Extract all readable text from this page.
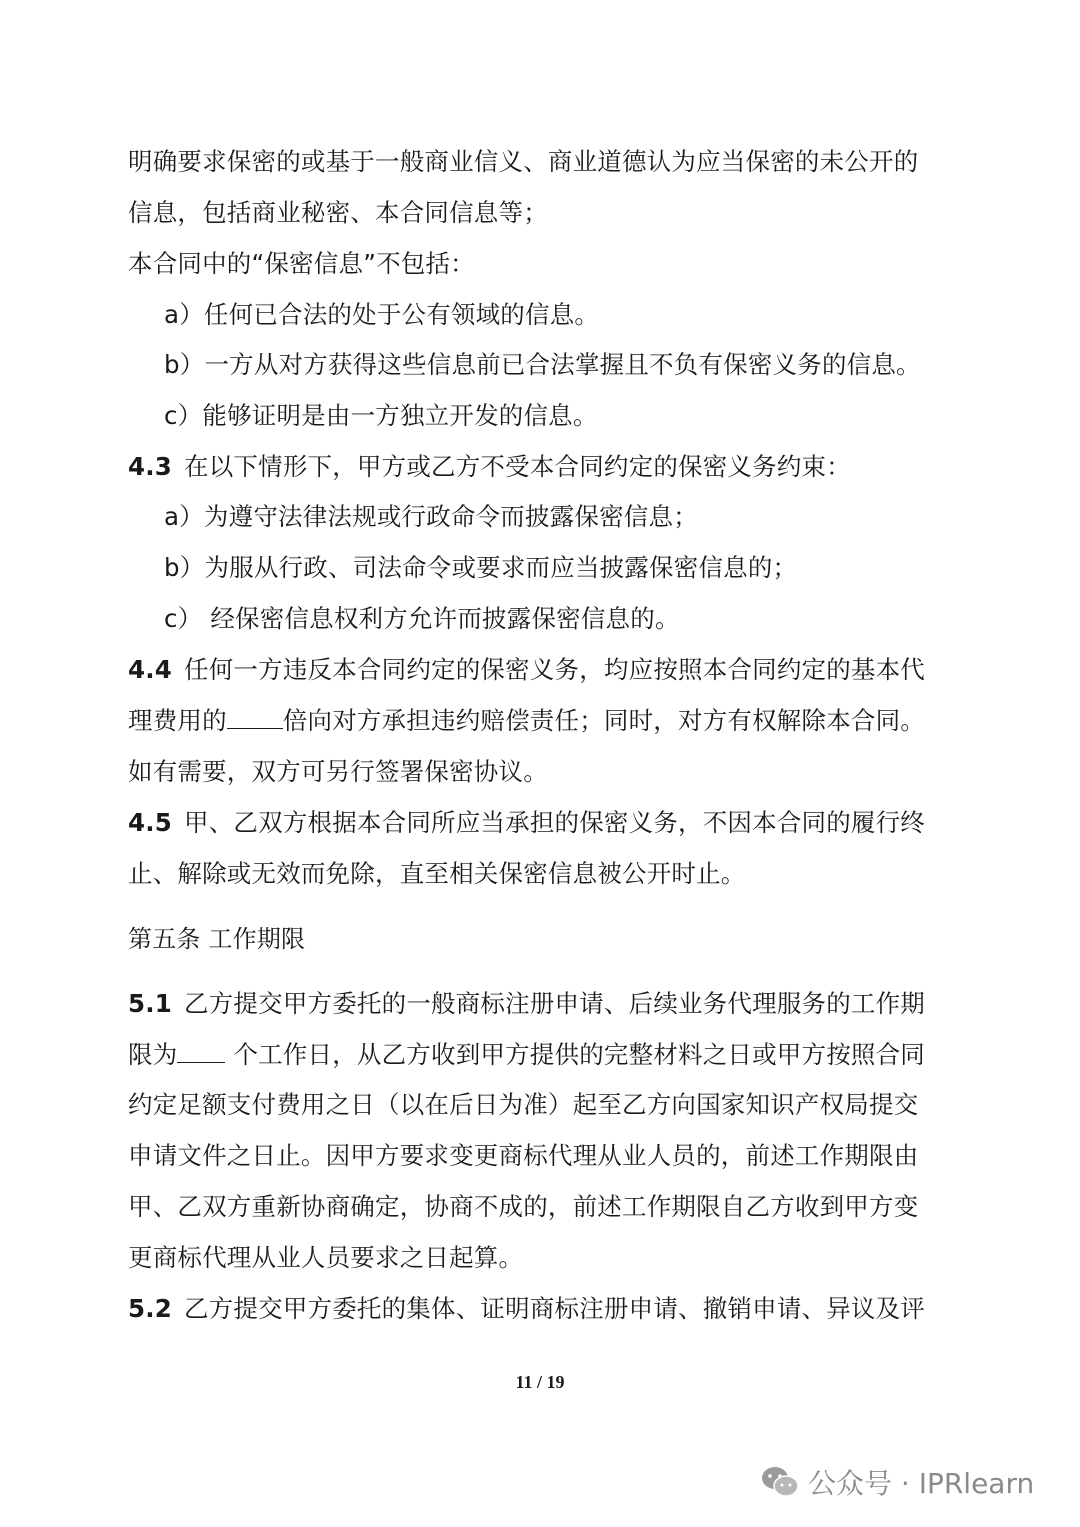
明确要求保密的或基于一般商业信义、商业道德认为应当保密的未公开的
信息，包括商业秘密、本合同信息等；
本合同中的“保密信息”不包括：
a）任何已合法的处于公有领域的信息。
b）一方从对方获得这些信息前已合法掌握且不负有保密义务的信息。
c）能够证明是由一方独立开发的信息。
4.3 在以下情形下，甲方或乙方不受本合同约定的保密义务约束：
a）为遵守法律法规或行政命令而披露保密信息；
b）为服从行政、司法命令或要求而应当披露保密信息的；
c） 经保密信息权利方允许而披露保密信息的。
4.4 任何一方违反本合同约定的保密义务，均应按照本合同约定的基本代
理费用的 倍向对方承担违约赔偿责任；同时，对方有权解除本合同。
如有需要，双方可另行签署保密协议。
4.5 甲、乙双方根据本合同所应当承担的保密义务，不因本合同的履行终
止、解除或无效而免除，直至相关保密信息被公开时止。
第五条 工作期限
5.1 乙方提交甲方委托的一般商标注册申请、后续业务代理服务的工作期
限为 个工作日，从乙方收到甲方提供的完整材料之日或甲方按照合同
约定足额支付费用之日（以在后日为准）起至乙方向国家知识产权局提交
申请文件之日止。因甲方要求变更商标代理从业人员的，前述工作期限由
甲、乙双方重新协商确定，协商不成的，前述工作期限自乙方收到甲方变
更商标代理从业人员要求之日起算。
5.2 乙方提交甲方委托的集体、证明商标注册申请、撤销申请、异议及评
11 / 19
公众号 · IPRlearn
